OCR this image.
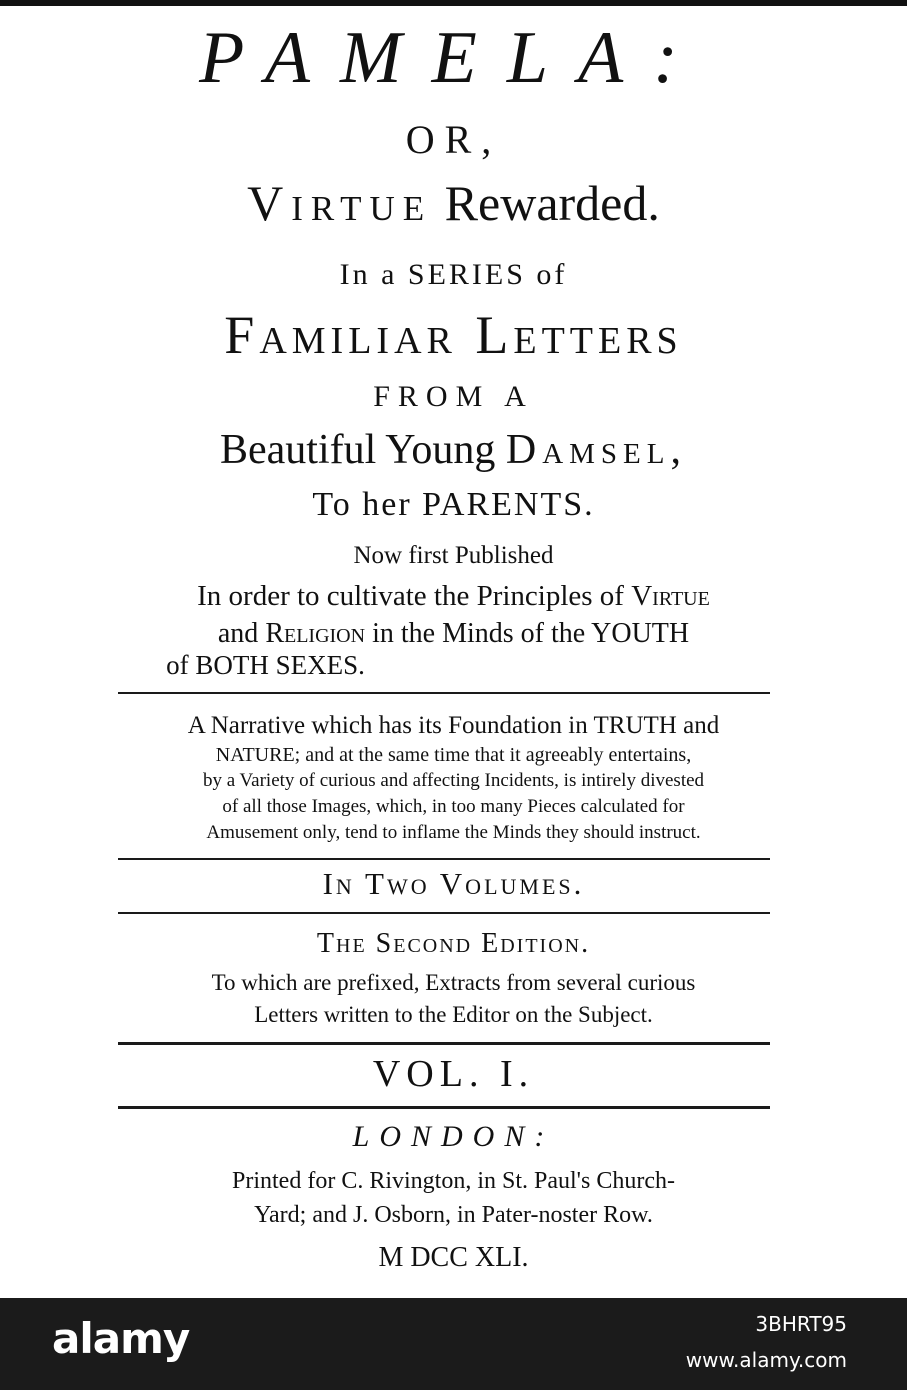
PAMELA:
OR,
Virtue Rewarded.
In a SERIES of
Familiar Letters
FROM A
Beautiful Young Damsel,
To her PARENTS.
Now first Published
In order to cultivate the Principles of Virtue
and Religion in the Minds of the YOUTH
of BOTH SEXES.
A Narrative which has its Foundation in TRUTH and
NATURE; and at the same time that it agreeably entertains,
by a Variety of curious and affecting Incidents, is intirely divested
of all those Images, which, in too many Pieces calculated for
Amusement only, tend to inflame the Minds they should instruct.
In Two Volumes.
The Second Edition.
To which are prefixed, Extracts from several curious
Letters written to the Editor on the Subject.
VOL. I.
LONDON:
Printed for C. Rivington, in St. Paul's Church-
Yard; and J. Osborn, in Pater-noster Row.
M DCC XLI.
alamy	3BHRT95
www.alamy.com
